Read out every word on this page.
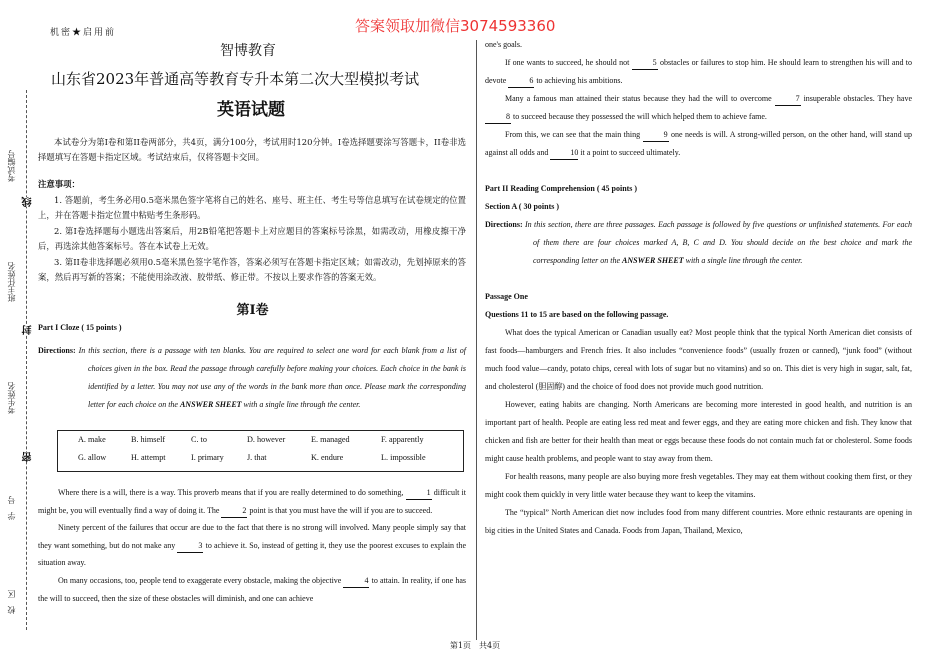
考试编号
班主任姓名
考生姓名
学　号
校　区
线
封
密
答案领取加微信3074593360
机密★启用前
智博教育
山东省2023年普通高等教育专升本第二次大型模拟考试
英语试题
本试卷分为第I卷和第II卷两部分，共4页，满分100分，考试用时120分钟。I卷选择题要涂写答题卡，II卷非选择题填写在答题卡指定区域。考试结束后，仅将答题卡交回。
注意事项：

1. 答题前，考生务必用0.5毫米黑色签字笔将自己的姓名、座号、班主任、考生号等信息填写在试卷规定的位置上，并在答题卡指定位置中粘贴考生条形码。

2. 第I卷选择题每小题选出答案后，用2B铅笔把答题卡上对应题目的答案标号涂黑，如需改动，用橡皮擦干净后，再选涂其他答案标号。答在本试卷上无效。

3. 第II卷非选择题必须用0.5毫米黑色签字笔作答，答案必须写在答题卡指定区域；如需改动，先划掉原来的答案，然后再写新的答案；不能使用涂改液、胶带纸、修正带。不按以上要求作答的答案无效。

第I卷
Part I Cloze ( 15 points )
Directions: In this section, there is a passage with ten blanks. You are required to select one word for each blank from a list of choices given in the box. Read the passage through carefully before making your choices. Each choice in the bank is identified by a letter. You may not use any of the words in the bank more than once. Please mark the corresponding letter for each choice on the ANSWER SHEET with a single line through the center.
A. make	B. himself	C. to	D. however	E. managed	F. apparently
G. allow	H. attempt	I. primary	J. that	K. endure	L. impossible

Where there is a will, there is a way. This proverb means that if you are really determined to do something,	1 difficult it might be, you will eventually find a way of doing it. The	2 point is that you must have the will if you are to succeed.

Ninety percent of the failures that occur are due to the fact that there is no strong will involved. Many people simply say that they want something, but do not make any	3 to achieve it. So, instead of getting it, they use the poorest excuses to explain the situation away.

On many occasions, too, people tend to exaggerate every obstacle, making the objective	4 to attain. In reality, if one has the will to succeed, then the size of these obstacles will diminish, and one can achieve

one's goals.

If one wants to succeed, he should not	5 obstacles or failures to stop him. He should learn to strengthen his will and to devote	6 to achieving his ambitions.

Many a famous man attained their status because they had the will to overcome	7 insuperable obstacles. They have 8 to succeed because they possessed the will which helped them to achieve fame.

From this, we can see that the main thing	9 one needs is will. A strong-willed person, on the other hand, will stand up against all odds and	10 it a point to succeed ultimately.

Part II Reading Comprehension ( 45 points )
Section A ( 30 points )
Directions: In this section, there are three passages. Each passage is followed by five questions or unfinished statements. For each of them there are four choices marked A, B, C and D. You should decide on the best choice and mark the corresponding letter on the ANSWER SHEET with a single line through the center.
Passage One
Questions 11 to 15 are based on the following passage.

What does the typical American or Canadian usually eat? Most people think that the typical North American diet consists of fast foods—hamburgers and French fries. It also includes “convenience foods” (usually frozen or canned), “junk food” (without much food value—candy, potato chips, cereal with lots of sugar but no vitamins) and so on. This diet is very high in sugar, salt, fat, and cholesterol (胆固醇) and the choice of food does not provide much good nutrition.

However, eating habits are changing. North Americans are becoming more interested in good health, and nutrition is an important part of health. People are eating less red meat and fewer eggs, and they are eating more chicken and fish. They know that chicken and fish are better for their health than meat or eggs because these foods do not contain much fat or cholesterol. Some foods might cause health problems, and people want to stay away from them.

For health reasons, many people are also buying more fresh vegetables. They may eat them without cooking them first, or they might cook them quickly in very little water because they want to keep the vitamins.

The “typical” North American diet now includes food from many different countries. More ethnic restaurants are opening in big cities in the United States and Canada. Foods from Japan, Thailand, Mexico,

第1页　共4页
